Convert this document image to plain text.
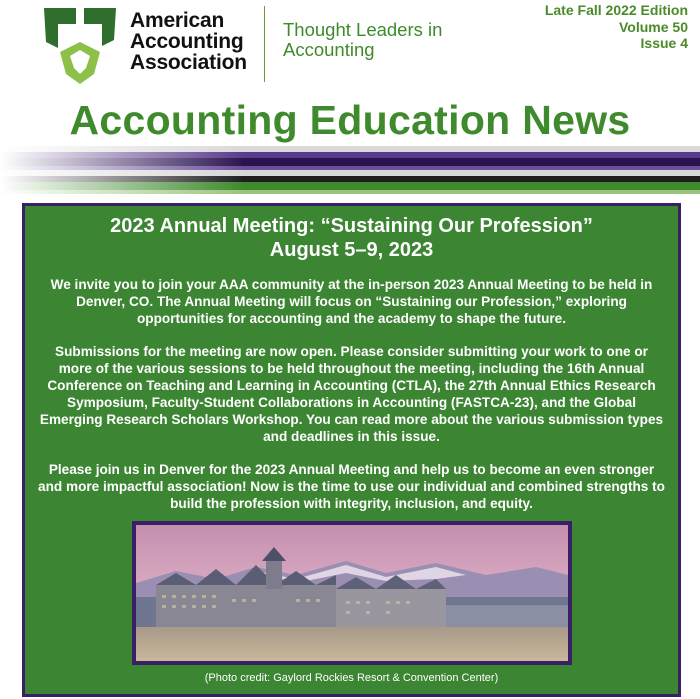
American
Accounting
Association
Thought Leaders in
Accounting
Late Fall 2022 Edition
Volume 50
Issue 4
Accounting Education News
2023 Annual Meeting: “Sustaining Our Profession”
August 5–9, 2023

We invite you to join your AAA community at the in-person 2023 Annual Meeting to be held in Denver, CO. The Annual Meeting will focus on “Sustaining our Profession,” exploring opportunities for accounting and the academy to shape the future.

Submissions for the meeting are now open. Please consider submitting your work to one or more of the various sessions to be held throughout the meeting, including the 16th Annual Conference on Teaching and Learning in Accounting (CTLA), the 27th Annual Ethics Research Symposium, Faculty-Student Collaborations in Accounting (FASTCA-23), and the Global Emerging Research Scholars Workshop. You can read more about the various submission types and deadlines in this issue.

Please join us in Denver for the 2023 Annual Meeting and help us to become an even stronger and more impactful association! Now is the time to use our individual and combined strengths to build the profession with integrity, inclusion, and equity.

(Photo credit: Gaylord Rockies Resort & Convention Center)
